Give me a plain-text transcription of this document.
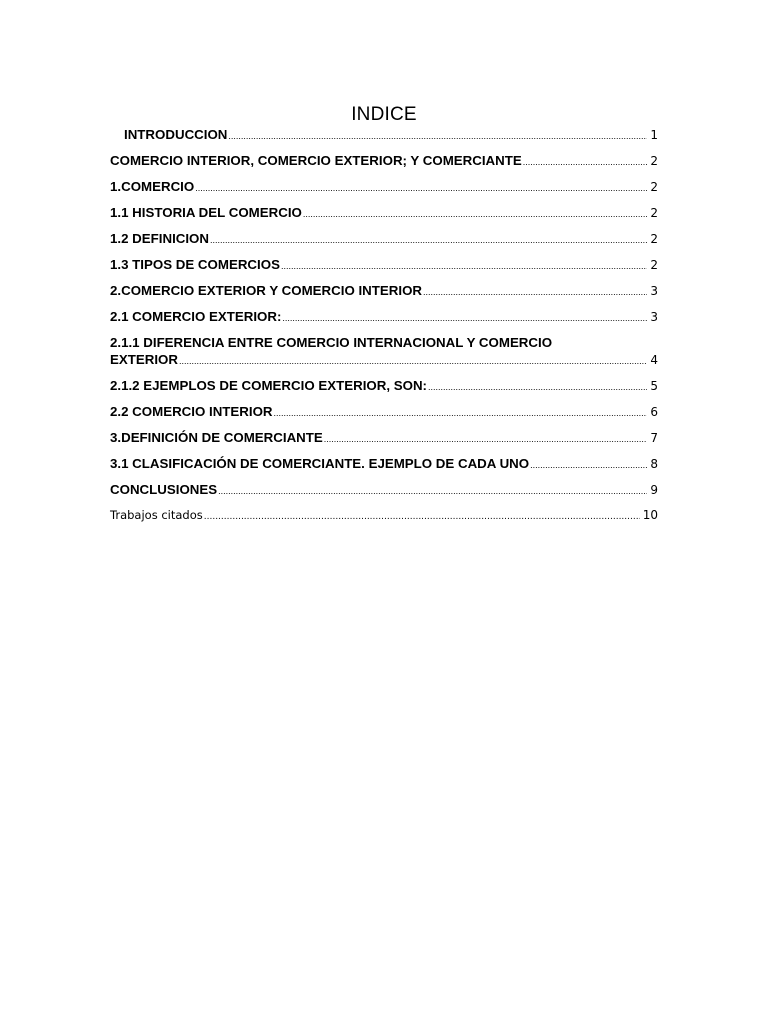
INDICE
INTRODUCCION .....	1
COMERCIO INTERIOR, COMERCIO EXTERIOR; Y COMERCIANTE .....	2
1.COMERCIO .....	2
1.1 HISTORIA DEL COMERCIO .....	2
1.2 DEFINICION .....	2
1.3 TIPOS DE COMERCIOS .....	2
2.COMERCIO EXTERIOR Y COMERCIO INTERIOR .....	3
2.1 COMERCIO EXTERIOR: .....	3
2.1.1 DIFERENCIA ENTRE COMERCIO INTERNACIONAL Y COMERCIO
EXTERIOR .....	4
2.1.2 EJEMPLOS DE COMERCIO EXTERIOR, SON: .....	5
2.2 COMERCIO INTERIOR .....	6
3.DEFINICIÓN DE COMERCIANTE .....	7
3.1 CLASIFICACIÓN DE COMERCIANTE. EJEMPLO DE CADA UNO .....	8
CONCLUSIONES .....	9
Trabajos citados .....	10
